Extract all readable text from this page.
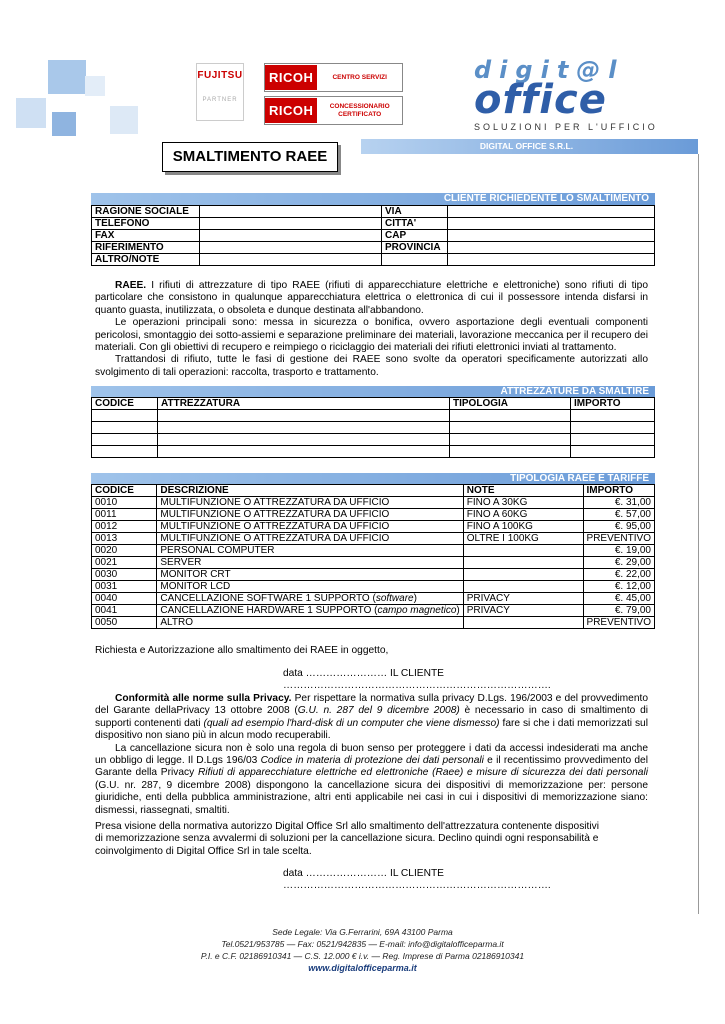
FUJITSU
PARTNER
RICOH	CENTRO SERVIZI
RICOH	CONCESSIONARIO CERTIFICATO
digit@l
office
SOLUZIONI PER L'UFFICIO
SMALTIMENTO RAEE
DIGITAL OFFICE S.R.L.
CLIENTE RICHIEDENTE LO SMALTIMENTO
RAGIONE SOCIALE		VIA	
TELEFONO		CITTA'	
FAX		CAP	
RIFERIMENTO		PROVINCIA	
ALTRO/NOTE			

RAEE. I rifiuti di attrezzature di tipo RAEE (rifiuti di apparecchiature elettriche e elettroniche) sono rifiuti di tipo particolare che consistono in qualunque apparecchiatura elettrica o elettronica di cui il possessore intenda disfarsi in quanto guasta, inutilizzata, o obsoleta e dunque destinata all'abbandono.

Le operazioni principali sono: messa in sicurezza o bonifica, ovvero asportazione degli eventuali componenti pericolosi, smontaggio dei sotto-assiemi e separazione preliminare dei materiali, lavorazione meccanica per il recupero dei materiali. Con gli obiettivi di recupero e reimpiego o riciclaggio dei materiali dei rifiuti elettronici inviati al trattamento.

Trattandosi di rifiuto, tutte le fasi di gestione dei RAEE sono svolte da operatori specificamente autorizzati allo svolgimento di tali operazioni: raccolta, trasporto e trattamento.

ATTREZZATURE DA SMALTIRE
CODICE	ATTREZZATURA	TIPOLOGIA	IMPORTO

TIPOLOGIA RAEE E TARIFFE
CODICE	DESCRIZIONE	NOTE	IMPORTO
0010	MULTIFUNZIONE O ATTREZZATURA DA UFFICIO	FINO A 30KG	€. 31,00
0011	MULTIFUNZIONE O ATTREZZATURA DA UFFICIO	FINO A 60KG	€. 57,00
0012	MULTIFUNZIONE O ATTREZZATURA DA UFFICIO	FINO A 100KG	€. 95,00
0013	MULTIFUNZIONE O ATTREZZATURA DA UFFICIO	OLTRE I 100KG	PREVENTIVO
0020	PERSONAL COMPUTER		€. 19,00
0021	SERVER		€. 29,00
0030	MONITOR CRT		€. 22,00
0031	MONITOR LCD		€. 12,00
0040	CANCELLAZIONE SOFTWARE 1 SUPPORTO (software)	PRIVACY	€. 45,00
0041	CANCELLAZIONE HARDWARE 1 SUPPORTO (campo magnetico)	PRIVACY	€. 79,00
0050	ALTRO		PREVENTIVO
Richiesta e Autorizzazione allo smaltimento dei RAEE in oggetto,
data …………………… IL CLIENTE …………………………………………………………………….

Conformità alle norme sulla Privacy. Per rispettare la normativa sulla privacy D.Lgs. 196/2003 e del provvedimento del Garante dellaPrivacy 13 ottobre 2008 (G.U. n. 287 del 9 dicembre 2008) è necessario in caso di smaltimento di supporti contenenti dati (quali ad esempio l'hard-disk di un computer che viene dismesso) fare si che i dati memorizzati sul dispositivo non siano più in alcun modo recuperabili.

La cancellazione sicura non è solo una regola di buon senso per proteggere i dati da accessi indesiderati ma anche un obbligo di legge. Il D.Lgs 196/03 Codice in materia di protezione dei dati personali e il recentissimo provvedimento del Garante della Privacy Rifiuti di apparecchiature elettriche ed elettroniche (Raee) e misure di sicurezza dei dati personali (G.U. nr. 287, 9 dicembre 2008) dispongono la cancellazione sicura dei dispositivi di memorizzazione per: persone giuridiche, enti della pubblica amministrazione, altri enti applicabile nei casi in cui i dispositivi di memorizzazione siano: dismessi, riassegnati, smaltiti.

Presa visione della normativa autorizzo Digital Office Srl allo smaltimento dell'attrezzatura contenente dispositivi di memorizzazione senza avvalermi di soluzioni per la cancellazione sicura. Declino quindi ogni responsabilità e coinvolgimento di Digital Office Srl in tale scelta.
data …………………… IL CLIENTE …………………………………………………………………….
Sede Legale: Via G.Ferrarini, 69A 43100 Parma
Tel.0521/953785 — Fax: 0521/942835 — E-mail: info@digitalofficeparma.it
P.I. e C.F. 02186910341 — C.S. 12.000 € i.v. — Reg. Imprese di Parma 02186910341
www.digitalofficeparma.it
